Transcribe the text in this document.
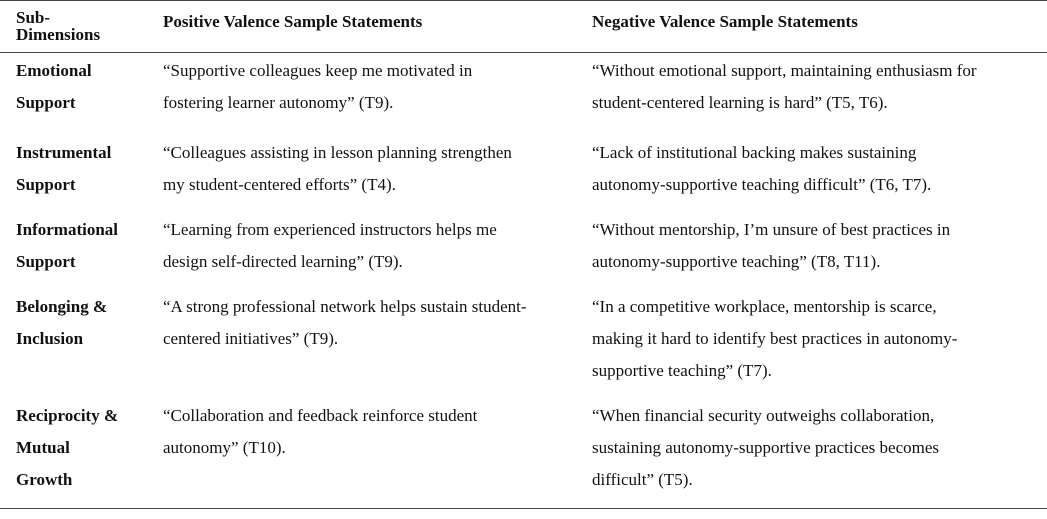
Sub-
Dimensions
Positive Valence Sample Statements	Negative Valence Sample Statements
Emotional
Support
“Supportive colleagues keep me motivated in
fostering learner autonomy” (T9).
“Without emotional support, maintaining enthusiasm for
student-centered learning is hard” (T5, T6).
Instrumental
Support
“Colleagues assisting in lesson planning strengthen
my student-centered efforts” (T4).
“Lack of institutional backing makes sustaining
autonomy-supportive teaching difficult” (T6, T7).
Informational
Support
“Learning from experienced instructors helps me
design self-directed learning” (T9).
“Without mentorship, I’m unsure of best practices in
autonomy-supportive teaching” (T8, T11).
Belonging &
Inclusion
“A strong professional network helps sustain student-
centered initiatives” (T9).
“In a competitive workplace, mentorship is scarce,
making it hard to identify best practices in autonomy-
supportive teaching” (T7).
Reciprocity &
Mutual
Growth
“Collaboration and feedback reinforce student
autonomy” (T10).
“When financial security outweighs collaboration,
sustaining autonomy-supportive practices becomes
difficult” (T5).
